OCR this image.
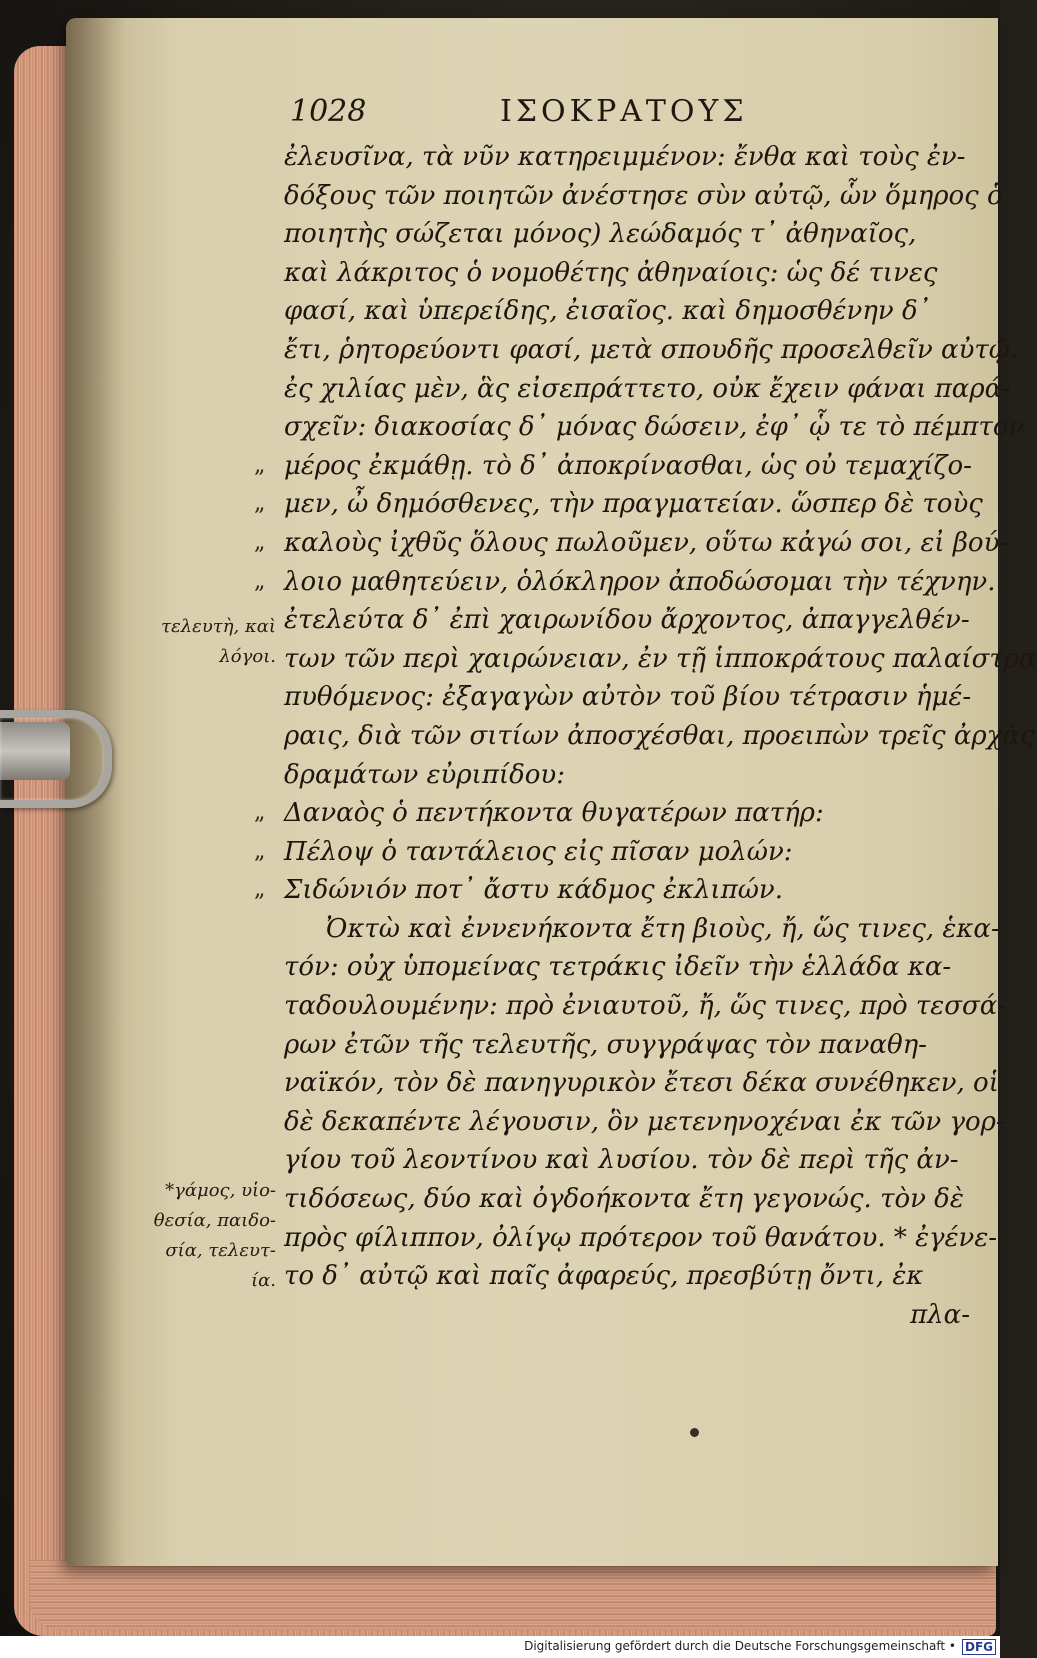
1028	ΙΣΟΚΡΑΤΟΥΣ
ἐλευσῖνα, τὰ νῦν κατηρειμμένον: ἔνθα καὶ τοὺς ἐν-
δόξους τῶν ποιητῶν ἀνέστησε σὺν αὐτῷ, ὧν ὅμηρος ὁ
ποιητὴς σώζεται μόνος) λεώδαμός τ᾽ ἀθηναῖος,
καὶ λάκριτος ὁ νομοθέτης ἀθηναίοις: ὡς δέ τινες
φασί, καὶ ὑπερείδης, ἐισαῖος. καὶ δημοσθένην δ᾽
ἔτι, ῥητορεύοντι φασί, μετὰ σπουδῆς προσελθεῖν αὐτῷ.
ἐς χιλίας μὲν, ἃς εἰσεπράττετο, οὐκ ἔχειν φάναι παρά-
σχεῖν: διακοσίας δ᾽ μόνας δώσειν, ἐφ᾽ ᾧ τε τὸ πέμπτον
„ μέρος ἐκμάθῃ. τὸ δ᾽ ἀποκρίνασθαι, ὡς οὐ τεμαχίζο-
„ μεν, ὦ δημόσθενες, τὴν πραγματείαν. ὥσπερ δὲ τοὺς
„ καλοὺς ἰχθῦς ὅλους πωλοῦμεν, οὕτω κἀγώ σοι, εἰ βού-
„ λοιο μαθητεύειν, ὁλόκληρον ἀποδώσομαι τὴν τέχνην.
ἐτελεύτα δ᾽ ἐπὶ χαιρωνίδου ἄρχοντος, ἀπαγγελθέν-
των τῶν περὶ χαιρώνειαν, ἐν τῇ ἱπποκράτους παλαίστρα
πυθόμενος: ἐξαγαγὼν αὐτὸν τοῦ βίου τέτρασιν ἡμέ-
ραις, διὰ τῶν σιτίων ἀποσχέσθαι, προειπὼν τρεῖς ἀρχὰς
δραμάτων εὐριπίδου:
„ Δαναὸς ὁ πεντήκοντα θυγατέρων πατήρ:
„ Πέλοψ ὁ ταντάλειος εἰς πῖσαν μολών:
„ Σιδώνιόν ποτ᾽ ἄστυ κάδμος ἐκλιπών.
Ὀκτὼ καὶ ἐννενήκοντα ἔτη βιοὺς, ἤ, ὥς τινες, ἑκα-
τόν: οὐχ ὑπομείνας τετράκις ἰδεῖν τὴν ἑλλάδα κα-
ταδουλουμένην: πρὸ ἐνιαυτοῦ, ἤ, ὥς τινες, πρὸ τεσσά-
ρων ἐτῶν τῆς τελευτῆς, συγγράψας τὸν παναθη-
ναϊκόν, τὸν δὲ πανηγυρικὸν ἔτεσι δέκα συνέθηκεν, οἱ
δὲ δεκαπέντε λέγουσιν, ὃν μετενηνοχέναι ἐκ τῶν γορ-
γίου τοῦ λεοντίνου καὶ λυσίου. τὸν δὲ περὶ τῆς ἀν-
τιδόσεως, δύο καὶ ὀγδοήκοντα ἔτη γεγονώς. τὸν δὲ
πρὸς φίλιππον, ὀλίγῳ πρότερον τοῦ θανάτου. * ἐγένε-
το δ᾽ αὐτῷ καὶ παῖς ἀφαρεύς, πρεσβύτῃ ὄντι, ἐκ
πλα-
τελευτὴ, καὶ
λόγοι.
*γάμος, υἱο-
θεσία, παιδο-
σία, τελευτ-
ία.
Digitalisierung gefördert durch die Deutsche Forschungsgemeinschaft • DFG
